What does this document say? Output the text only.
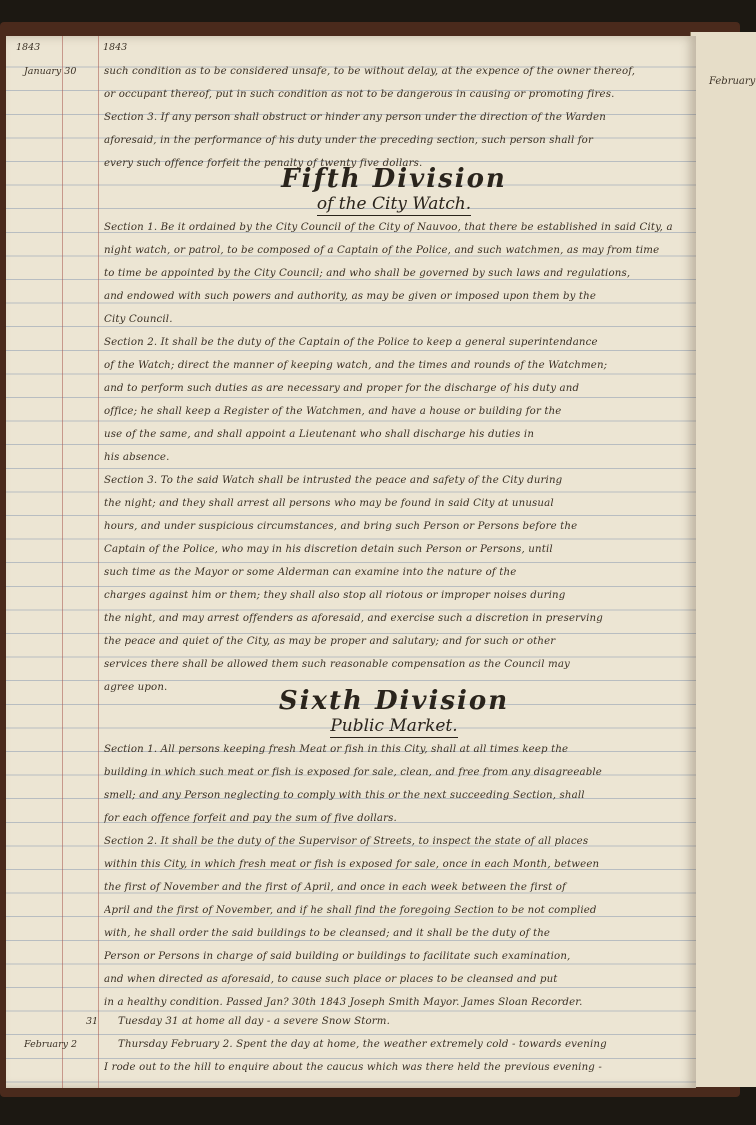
February
1843	1843
January 30	such condition as to be considered unsafe, to be without delay, at the expence of the owner thereof,
or occupant thereof, put in such condition as not to be dangerous in causing or promoting fires.
Section 3. If any person shall obstruct or hinder any person under the direction of the Warden
aforesaid, in the performance of his duty under the preceding section, such person shall for
every such offence forfeit the penalty of twenty five dollars.
Fifth Division
of the City Watch.
Section 1. Be it ordained by the City Council of the City of Nauvoo, that there be established in said City, a
night watch, or patrol, to be composed of a Captain of the Police, and such watchmen, as may from time
to time be appointed by the City Council; and who shall be governed by such laws and regulations,
and endowed with such powers and authority, as may be given or imposed upon them by the
City Council.
Section 2. It shall be the duty of the Captain of the Police to keep a general superintendance
of the Watch; direct the manner of keeping watch, and the times and rounds of the Watchmen;
and to perform such duties as are necessary and proper for the discharge of his duty and
office; he shall keep a Register of the Watchmen, and have a house or building for the
use of the same, and shall appoint a Lieutenant who shall discharge his duties in
his absence.
Section 3. To the said Watch shall be intrusted the peace and safety of the City during
the night; and they shall arrest all persons who may be found in said City at unusual
hours, and under suspicious circumstances, and bring such Person or Persons before the
Captain of the Police, who may in his discretion detain such Person or Persons, until
such time as the Mayor or some Alderman can examine into the nature of the
charges against him or them; they shall also stop all riotous or improper noises during
the night, and may arrest offenders as aforesaid, and exercise such a discretion in preserving
the peace and quiet of the City, as may be proper and salutary; and for such or other
services there shall be allowed them such reasonable compensation as the Council may
agree upon.	Sixth Division
Public Market.
Section 1. All persons keeping fresh Meat or fish in this City, shall at all times keep the
building in which such meat or fish is exposed for sale, clean, and free from any disagreeable
smell; and any Person neglecting to comply with this or the next succeeding Section, shall
for each offence forfeit and pay the sum of five dollars.
Section 2. It shall be the duty of the Supervisor of Streets, to inspect the state of all places
within this City, in which fresh meat or fish is exposed for sale, once in each Month, between
the first of November and the first of April, and once in each week between the first of
April and the first of November, and if he shall find the foregoing Section to be not complied
with, he shall order the said buildings to be cleansed; and it shall be the duty of the
Person or Persons in charge of said building or buildings to facilitate such examination,
and when directed as aforesaid, to cause such place or places to be cleansed and put
in a healthy condition. Passed Jan? 30th 1843 Joseph Smith Mayor. James Sloan Recorder.
31 Tuesday 31 at home all day - a severe Snow Storm.
February 2	Thursday February 2. Spent the day at home, the weather extremely cold - towards evening
I rode out to the hill to enquire about the caucus which was there held the previous evening -
